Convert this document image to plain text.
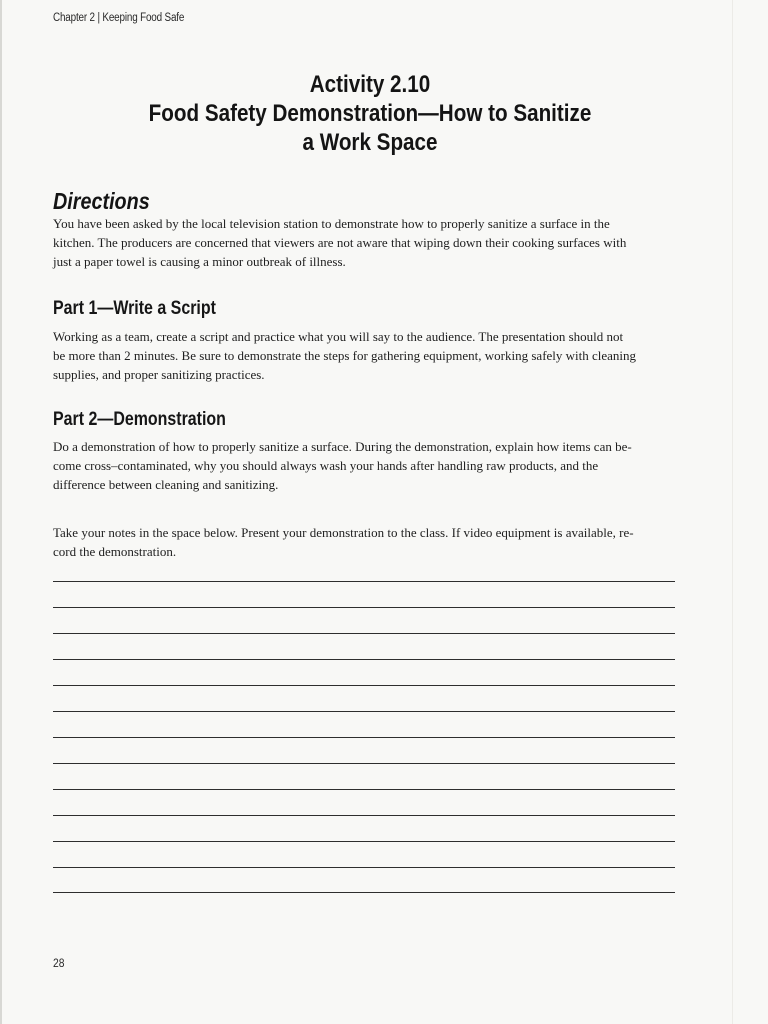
Chapter 2 | Keeping Food Safe
Activity 2.10
Food Safety Demonstration—How to Sanitize
a Work Space
Directions
You have been asked by the local television station to demonstrate how to properly sanitize a surface in the
kitchen. The producers are concerned that viewers are not aware that wiping down their cooking surfaces with
just a paper towel is causing a minor outbreak of illness.
Part 1—Write a Script
Working as a team, create a script and practice what you will say to the audience. The presentation should not
be more than 2 minutes. Be sure to demonstrate the steps for gathering equipment, working safely with cleaning
supplies, and proper sanitizing practices.
Part 2—Demonstration
Do a demonstration of how to properly sanitize a surface. During the demonstration, explain how items can be-
come cross–contaminated, why you should always wash your hands after handling raw products, and the
difference between cleaning and sanitizing.
Take your notes in the space below. Present your demonstration to the class. If video equipment is available, re-
cord the demonstration.
28
